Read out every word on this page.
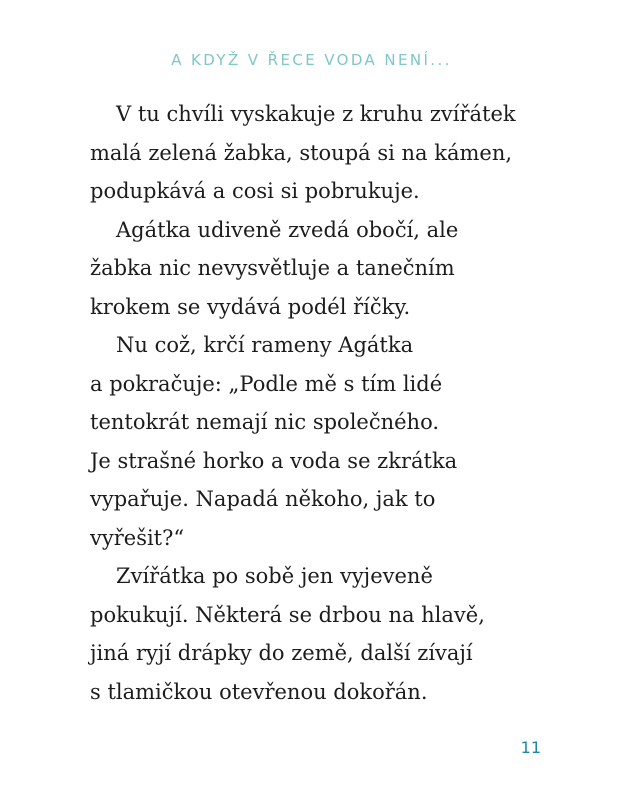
A KDYŽ V ŘECE VODA NENÍ...

V tu chvíli vyskakuje z kruhu zvířátek
malá zelená žabka, stoupá si na kámen,
podupkává a cosi si pobrukuje.

Agátka udiveně zvedá obočí, ale
žabka nic nevysvětluje a tanečním
krokem se vydává podél říčky.

Nu což, krčí rameny Agátka
a pokračuje: „Podle mě s tím lidé
tentokrát nemají nic společného.
Je strašné horko a voda se zkrátka
vypařuje. Napadá někoho, jak to
vyřešit?“

Zvířátka po sobě jen vyjeveně
pokukují. Některá se drbou na hlavě,
jiná ryjí drápky do země, další zívají
s tlamičkou otevřenou dokořán.

11
